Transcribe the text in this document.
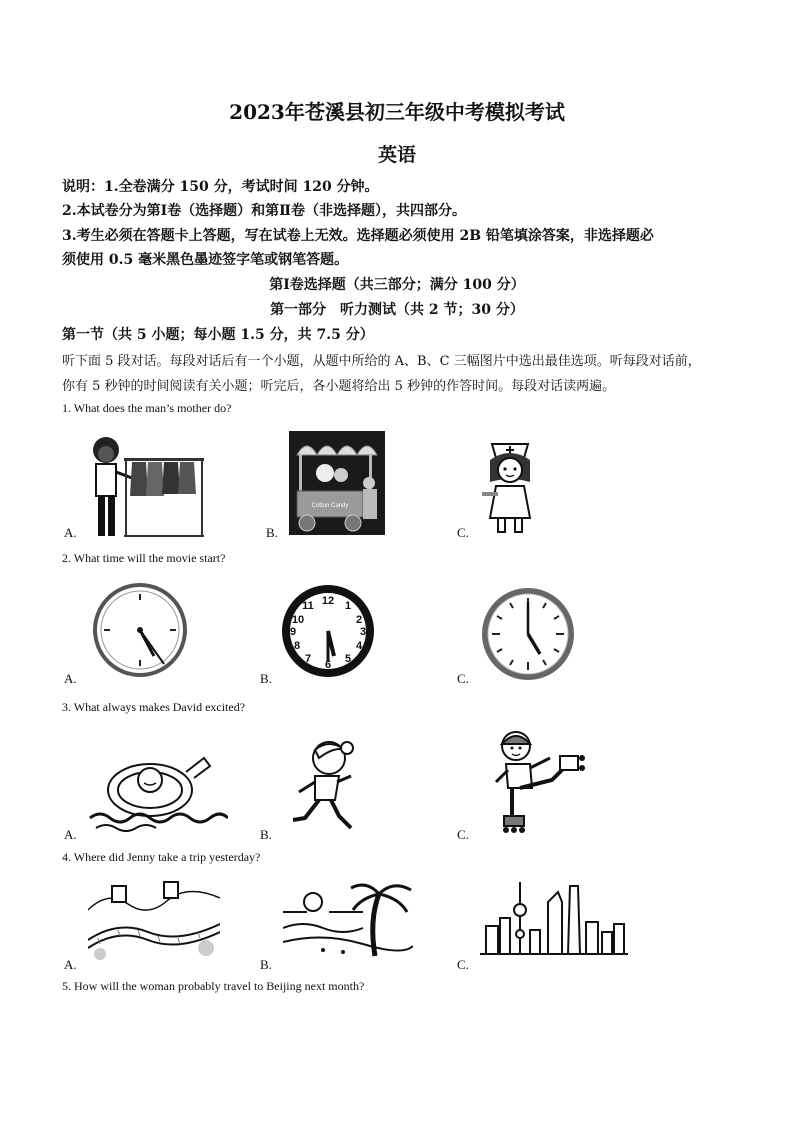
2023年苍溪县初三年级中考模拟考试
英语
说明：1.全卷满分 150 分，考试时间 120 分钟。
2.本试卷分为第Ⅰ卷（选择题）和第Ⅱ卷（非选择题），共四部分。
3.考生必须在答题卡上答题，写在试卷上无效。选择题必须使用 2B 铅笔填涂答案，非选择题必
须使用 0.5 毫米黑色墨迹签字笔或钢笔答题。
第Ⅰ卷选择题（共三部分；满分 100 分）
第一部分　听力测试（共 2 节；30 分）
第一节（共 5 小题；每小题 1.5 分，共 7.5 分）
听下面 5 段对话。每段对话后有一个小题，从题中所给的 A、B、C 三幅图片中选出最佳选项。听每段对话前，
你有 5 秒钟的时间阅读有关小题；听完后，各小题将给出 5 秒钟的作答时间。每段对话读两遍。
1. What does the man’s mother do?
Cotton Candy
A.	B.	C.
2. What time will the movie start?
12 1
2
3
4
5
6
7
8
9
10
11
A.	B.	C.
3. What always makes David excited?
A.	B.	C.
4. Where did Jenny take a trip yesterday?
A.	B.	C.
5. How will the woman probably travel to Beijing next month?
